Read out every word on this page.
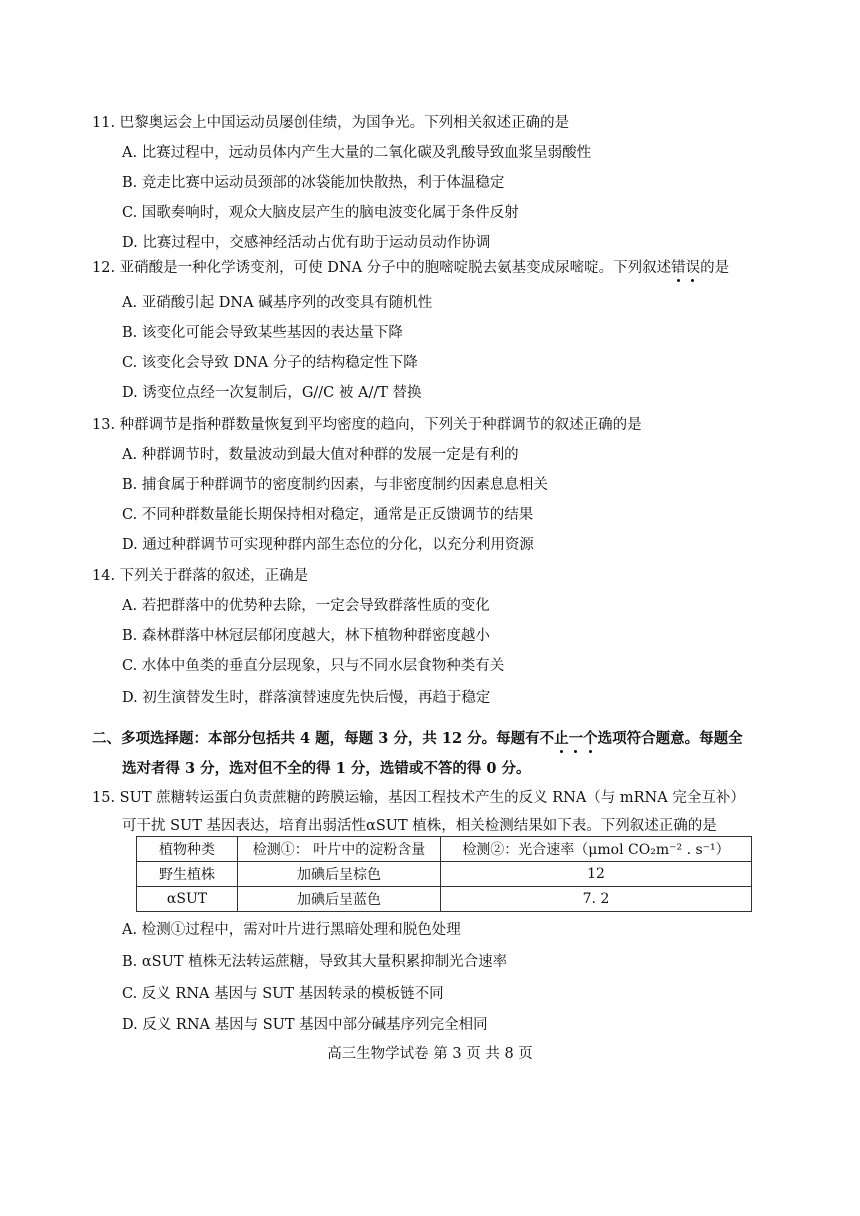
11. 巴黎奥运会上中国运动员屡创佳绩，为国争光。下列相关叙述正确的是
A. 比赛过程中，远动员体内产生大量的二氧化碳及乳酸导致血浆呈弱酸性
B. 竞走比赛中运动员颈部的冰袋能加快散热，利于体温稳定
C. 国歌奏响时，观众大脑皮层产生的脑电波变化属于条件反射
D. 比赛过程中，交感神经活动占优有助于运动员动作协调
12. 亚硝酸是一种化学诱变剂，可使 DNA 分子中的胞嘧啶脱去氨基变成尿嘧啶。下列叙述错误的是
A. 亚硝酸引起 DNA 碱基序列的改变具有随机性
B. 该变化可能会导致某些基因的表达量下降
C. 该变化会导致 DNA 分子的结构稳定性下降
D. 诱变位点经一次复制后，G//C 被 A//T 替换
13. 种群调节是指种群数量恢复到平均密度的趋向，下列关于种群调节的叙述正确的是
A. 种群调节时，数量波动到最大值对种群的发展一定是有利的
B. 捕食属于种群调节的密度制约因素，与非密度制约因素息息相关
C. 不同种群数量能长期保持相对稳定，通常是正反馈调节的结果
D. 通过种群调节可实现种群内部生态位的分化，以充分利用资源
14. 下列关于群落的叙述，正确是
A. 若把群落中的优势种去除，一定会导致群落性质的变化
B. 森林群落中林冠层郁闭度越大，林下植物种群密度越小
C. 水体中鱼类的垂直分层现象，只与不同水层食物种类有关
D. 初生演替发生时，群落演替速度先快后慢，再趋于稳定
二、多项选择题：本部分包括共 4 题，每题 3 分，共 12 分。每题有不止一个选项符合题意。每题全
选对者得 3 分，选对但不全的得 1 分，选错或不答的得 0 分。
15. SUT 蔗糖转运蛋白负责蔗糖的跨膜运输，基因工程技术产生的反义 RNA（与 mRNA 完全互补）
可干扰 SUT 基因表达，培育出弱活性αSUT 植株，相关检测结果如下表。下列叙述正确的是
植物种类	检测①： 叶片中的淀粉含量	检测②：光合速率（μmol CO₂m⁻² . s⁻¹）
野生植株	加碘后呈棕色	12
αSUT	加碘后呈蓝色	7. 2
A. 检测①过程中，需对叶片进行黑暗处理和脱色处理
B. αSUT 植株无法转运蔗糖，导致其大量积累抑制光合速率
C. 反义 RNA 基因与 SUT 基因转录的模板链不同
D. 反义 RNA 基因与 SUT 基因中部分碱基序列完全相同
高三生物学试卷 第 3 页 共 8 页
